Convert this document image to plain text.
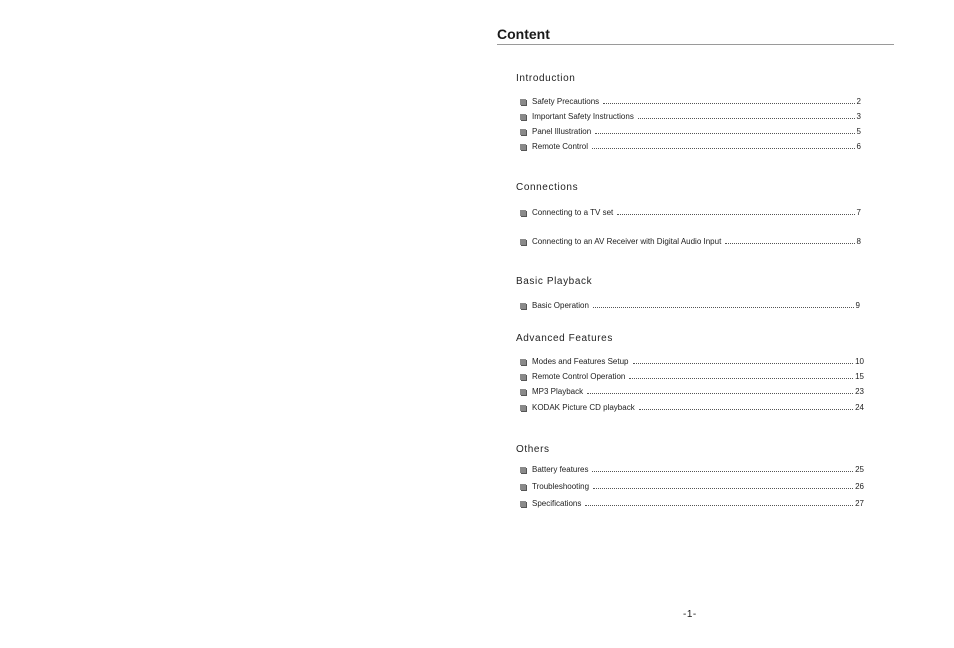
Content
Introduction
Safety Precautions	2
Important Safety Instructions	3
Panel Illustration	5
Remote Control	6
Connections
Connecting to a TV set	7
Connecting to an AV Receiver with Digital Audio Input	8
Basic Playback
Basic Operation	9
Advanced Features
Modes and Features Setup	10
Remote Control Operation	15
MP3 Playback	23
KODAK Picture CD playback	24
Others
Battery features	25
Troubleshooting	26
Specifications	27
-1-
